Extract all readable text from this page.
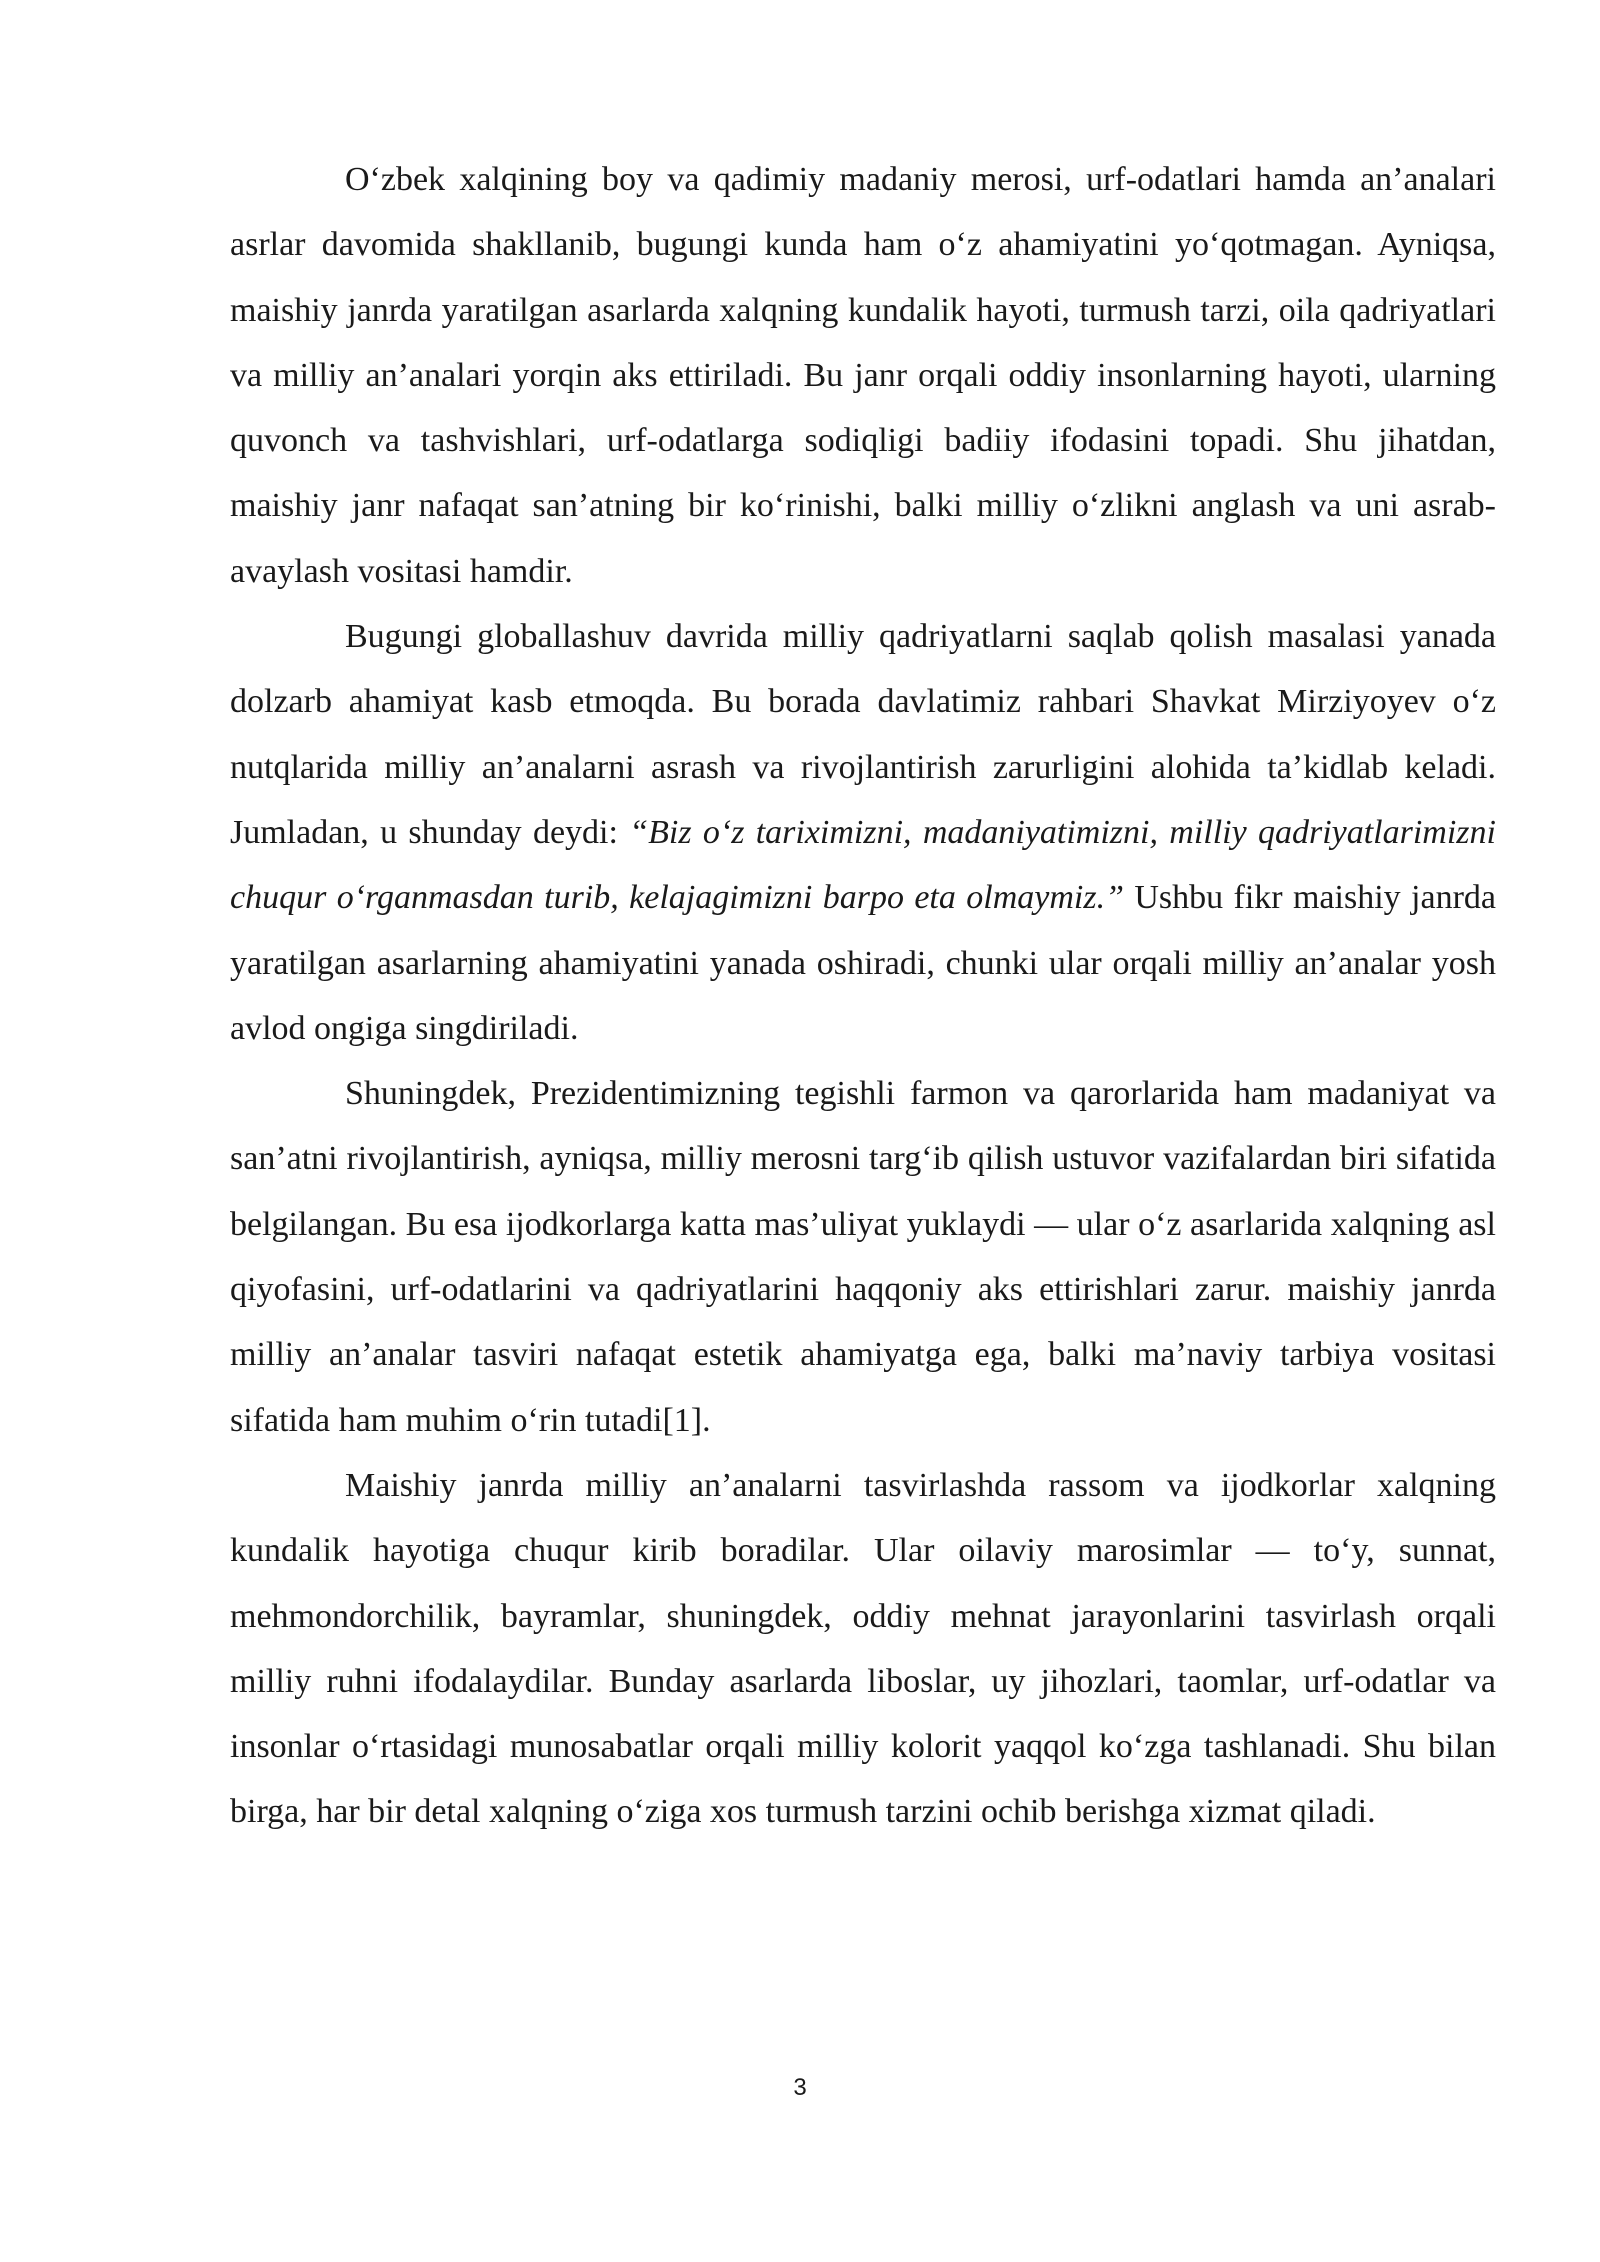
O‘zbek xalqining boy va qadimiy madaniy merosi, urf-odatlari hamda an’analari asrlar davomida shakllanib, bugungi kunda ham o‘z ahamiyatini yo‘qotmagan. Ayniqsa, maishiy janrda yaratilgan asarlarda xalqning kundalik hayoti, turmush tarzi, oila qadriyatlari va milliy an’analari yorqin aks ettiriladi. Bu janr orqali oddiy insonlarning hayoti, ularning quvonch va tashvishlari, urf-odatlarga sodiqligi badiiy ifodasini topadi. Shu jihatdan, maishiy janr nafaqat san’atning bir ko‘rinishi, balki milliy o‘zlikni anglash va uni asrab-avaylash vositasi hamdir.

Bugungi globallashuv davrida milliy qadriyatlarni saqlab qolish masalasi yanada dolzarb ahamiyat kasb etmoqda. Bu borada davlatimiz rahbari Shavkat Mirziyoyev o‘z nutqlarida milliy an’analarni asrash va rivojlantirish zarurligini alohida ta’kidlab keladi. Jumladan, u shunday deydi: “Biz o‘z tariximizni, madaniyatimizni, milliy qadriyatlarimizni chuqur o‘rganmasdan turib, kelajagimizni barpo eta olmaymiz.” Ushbu fikr maishiy janrda yaratilgan asarlarning ahamiyatini yanada oshiradi, chunki ular orqali milliy an’analar yosh avlod ongiga singdiriladi.

Shuningdek, Prezidentimizning tegishli farmon va qarorlarida ham madaniyat va san’atni rivojlantirish, ayniqsa, milliy merosni targ‘ib qilish ustuvor vazifalardan biri sifatida belgilangan. Bu esa ijodkorlarga katta mas’uliyat yuklaydi — ular o‘z asarlarida xalqning asl qiyofasini, urf-odatlarini va qadriyatlarini haqqoniy aks ettirishlari zarur. maishiy janrda milliy an’analar tasviri nafaqat estetik ahamiyatga ega, balki ma’naviy tarbiya vositasi sifatida ham muhim o‘rin tutadi[1].

Maishiy janrda milliy an’analarni tasvirlashda rassom va ijodkorlar xalqning kundalik hayotiga chuqur kirib boradilar. Ular oilaviy marosimlar — to‘y, sunnat, mehmondorchilik, bayramlar, shuningdek, oddiy mehnat jarayonlarini tasvirlash orqali milliy ruhni ifodalaydilar. Bunday asarlarda liboslar, uy jihozlari, taomlar, urf-odatlar va insonlar o‘rtasidagi munosabatlar orqali milliy kolorit yaqqol ko‘zga tashlanadi. Shu bilan birga, har bir detal xalqning o‘ziga xos turmush tarzini ochib berishga xizmat qiladi.

3
